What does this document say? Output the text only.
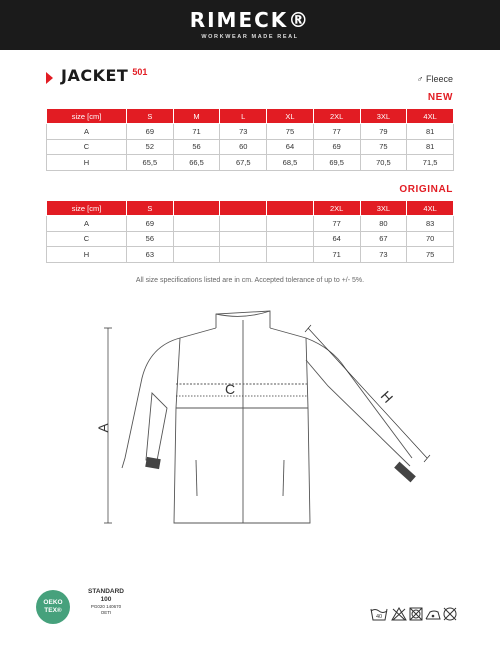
RIMECK®
WORKWEAR MADE REAL
JACKET 501
♂ Fleece
NEW
size [cm]	S	M	L	XL	2XL	3XL	4XL
A	69	71	73	75	77	79	81
C	52	56	60	64	69	75	81
H	65,5	66,5	67,5	68,5	69,5	70,5	71,5
ORIGINAL
size [cm]	S				2XL	3XL	4XL
A	69				77	80	83
C	56				64	67	70
H	63				71	73	75
All size specifications listed are in cm. Accepted tolerance of up to +/- 5%.
A
C	H
OEKO
TEX®
STANDARD
100
PG020 140670
OETI
40
